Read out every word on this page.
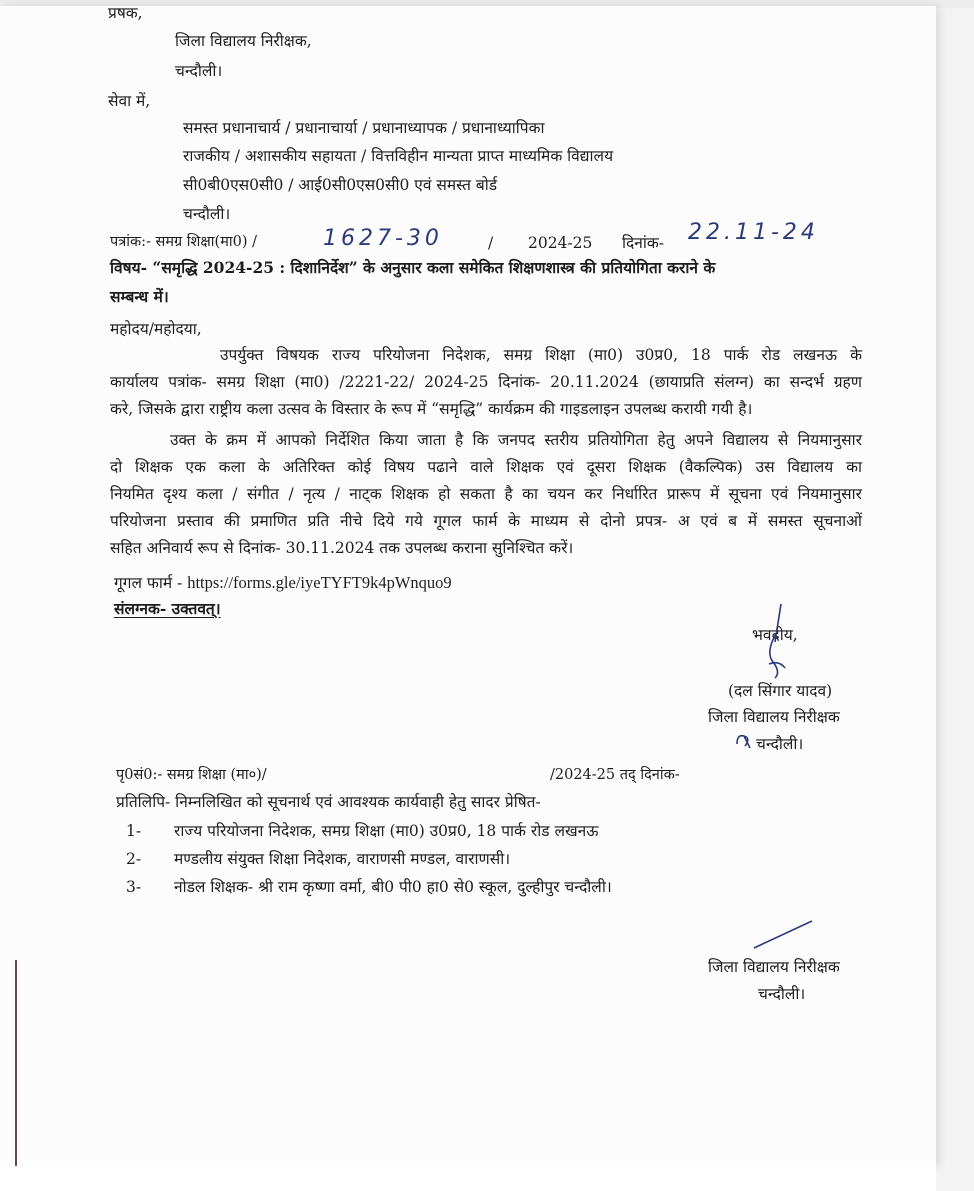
प्रषक,
जिला विद्यालय निरीक्षक,
चन्दौली।
सेवा में,
समस्त प्रधानाचार्य / प्रधानाचार्या / प्रधानाध्यापक / प्रधानाध्यापिका
राजकीय / अशासकीय सहायता / वित्तविहीन मान्यता प्राप्त माध्यमिक विद्यालय
सी0बी0एस0सी0 / आई0सी0एस0सी0 एवं समस्त बोर्ड
चन्दौली।
पत्रांक:- समग्र शिक्षा(मा0) /	1627-30	/ 2024-25 दिनांक- 22.11-24
विषय- “समृद्धि 2024-25 : दिशानिर्देश” के अनुसार कला समेकित शिक्षणशास्त्र की प्रतियोगिता कराने के
सम्बन्ध में।
महोदय/महोदया,
उपर्युक्त विषयक राज्य परियोजना निदेशक, समग्र शिक्षा (मा0) उ0प्र0, 18 पार्क रोड लखनऊ के
कार्यालय पत्रांक- समग्र शिक्षा (मा0) /2221-22/ 2024-25 दिनांक- 20.11.2024 (छायाप्रति संलग्न) का सन्दर्भ ग्रहण
करे, जिसके द्वारा राष्ट्रीय कला उत्सव के विस्तार के रूप में “समृद्धि” कार्यक्रम की गाइडलाइन उपलब्ध करायी गयी है।
उक्त के क्रम में आपको निर्देशित किया जाता है कि जनपद स्तरीय प्रतियोगिता हेतु अपने विद्यालय से नियमानुसार
दो शिक्षक एक कला के अतिरिक्त कोई विषय पढाने वाले शिक्षक एवं दूसरा शिक्षक (वैकल्पिक) उस विद्यालय का
नियमित दृश्य कला / संगीत / नृत्य / नाट्क शिक्षक हो सकता है का चयन कर निर्धारित प्रारूप में सूचना एवं नियमानुसार
परियोजना प्रस्ताव की प्रमाणित प्रति नीचे दिये गये गूगल फार्म के माध्यम से दोनो प्रपत्र- अ एवं ब में समस्त सूचनाओं
सहित अनिवार्य रूप से दिनांक- 30.11.2024 तक उपलब्ध कराना सुनिश्चित करें।
गूगल फार्म - https://forms.gle/iyeTYFT9k4pWnquo9
संलग्नक- उक्तवत्।
भवदीय,
(दल सिंगार यादव)
जिला विद्यालय निरीक्षक
चन्दौली।
पृ0सं0:- समग्र शिक्षा (मा०)/	/2024-25 तद् दिनांक-
प्रतिलिपि- निम्नलिखित को सूचनार्थ एवं आवश्यक कार्यवाही हेतु सादर प्रेषित-
1- राज्य परियोजना निदेशक, समग्र शिक्षा (मा0) उ0प्र0, 18 पार्क रोड लखनऊ
2- मण्डलीय संयुक्त शिक्षा निदेशक, वाराणसी मण्डल, वाराणसी।
3- नोडल शिक्षक- श्री राम कृष्णा वर्मा, बी0 पी0 हा0 से0 स्कूल, दुल्हीपुर चन्दौली।
जिला विद्यालय निरीक्षक
चन्दौली।
